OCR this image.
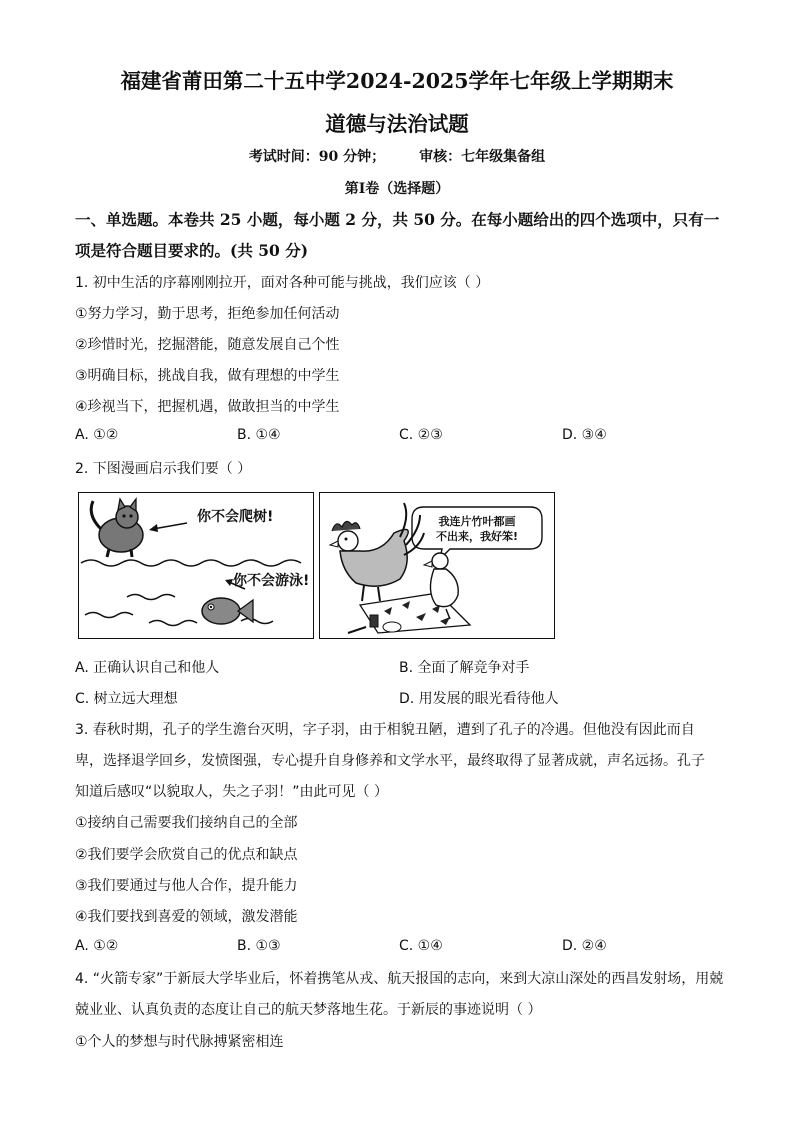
福建省莆田第二十五中学2024-2025学年七年级上学期期末
道德与法治试题
考试时间：90 分钟； 审核：七年级集备组
第Ⅰ卷（选择题）
一、单选题。本卷共 25 小题，每小题 2 分，共 50 分。在每小题给出的四个选项中，只有一
项是符合题目要求的。(共 50 分)
1. 初中生活的序幕刚刚拉开，面对各种可能与挑战，我们应该（ ）
①努力学习，勤于思考，拒绝参加任何活动
②珍惜时光，挖掘潜能，随意发展自己个性
③明确目标，挑战自我，做有理想的中学生
④珍视当下，把握机遇，做敢担当的中学生
A. ①②	B. ①④	C. ②③	D. ③④
2. 下图漫画启示我们要（ ）
你不会爬树!
你不会游泳!
我连片竹叶都画
不出来，我好笨!
A. 正确认识自己和他人	B. 全面了解竞争对手
C. 树立远大理想	D. 用发展的眼光看待他人
3. 春秋时期，孔子的学生澹台灭明，字子羽，由于相貌丑陋，遭到了孔子的冷遇。但他没有因此而自
卑，选择退学回乡，发愤图强，专心提升自身修养和文学水平，最终取得了显著成就，声名远扬。孔子
知道后感叹“以貌取人，失之子羽！”由此可见（ ）
①接纳自己需要我们接纳自己的全部
②我们要学会欣赏自己的优点和缺点
③我们要通过与他人合作，提升能力
④我们要找到喜爱的领域，激发潜能
A. ①②	B. ①③	C. ①④	D. ②④
4. “火箭专家”于新辰大学毕业后，怀着携笔从戎、航天报国的志向，来到大凉山深处的西昌发射场，用兢
兢业业、认真负责的态度让自己的航天梦落地生花。于新辰的事迹说明（ ）
①个人的梦想与时代脉搏紧密相连
